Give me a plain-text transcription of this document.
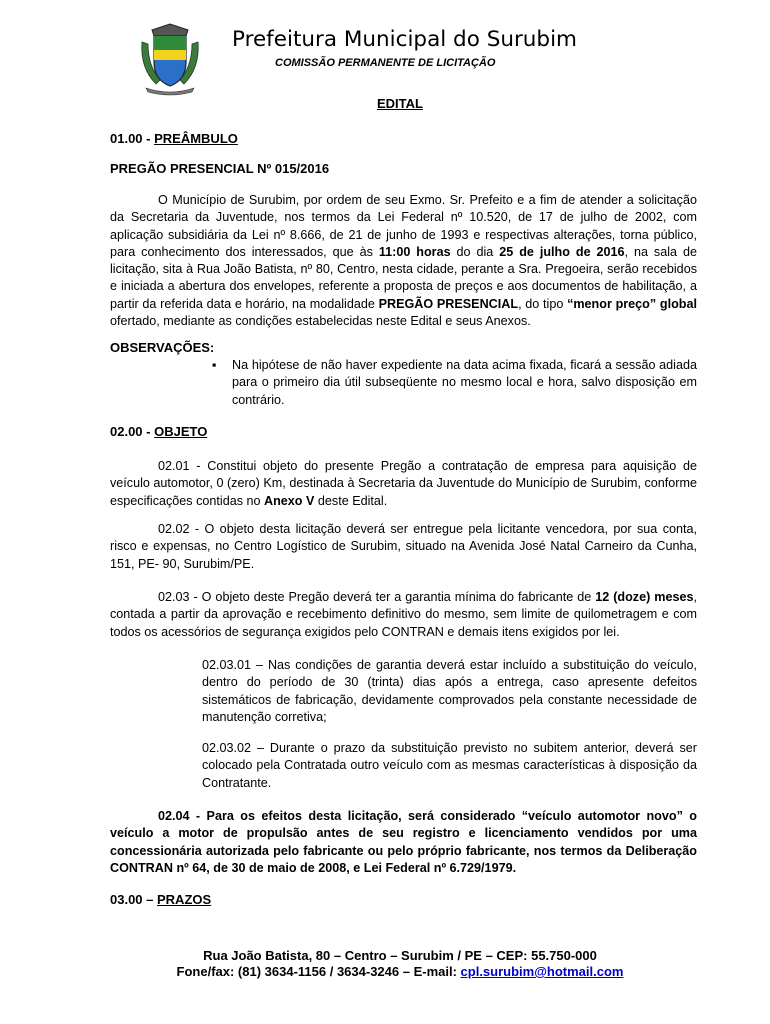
Prefeitura Municipal do Surubim
COMISSÃO PERMANENTE DE LICITAÇÃO
EDITAL
01.00 - PREÂMBULO
PREGÃO PRESENCIAL Nº 015/2016
O Município de Surubim, por ordem de seu Exmo. Sr. Prefeito e a fim de atender a solicitação da Secretaria da Juventude, nos termos da Lei Federal nº 10.520, de 17 de julho de 2002, com aplicação subsidiária da Lei nº 8.666, de 21 de junho de 1993 e respectivas alterações, torna público, para conhecimento dos interessados, que às 11:00 horas do dia 25 de julho de 2016, na sala de licitação, sita à Rua João Batista, nº 80, Centro, nesta cidade, perante a Sra. Pregoeira, serão recebidos e iniciada a abertura dos envelopes, referente a proposta de preços e aos documentos de habilitação, a partir da referida data e horário, na modalidade PREGÃO PRESENCIAL, do tipo “menor preço” global ofertado, mediante as condições estabelecidas neste Edital e seus Anexos.
OBSERVAÇÕES:
▪	Na hipótese de não haver expediente na data acima fixada, ficará a sessão adiada para o primeiro dia útil subseqüente no mesmo local e hora, salvo disposição em contrário.
02.00 - OBJETO
02.01 - Constitui objeto do presente Pregão a contratação de empresa para aquisição de veículo automotor, 0 (zero) Km, destinada à Secretaria da Juventude do Município de Surubim, conforme especificações contidas no Anexo V deste Edital.
02.02 - O objeto desta licitação deverá ser entregue pela licitante vencedora, por sua conta, risco e expensas, no Centro Logístico de Surubim, situado na Avenida José Natal Carneiro da Cunha, 151, PE- 90, Surubim/PE.
02.03 - O objeto deste Pregão deverá ter a garantia mínima do fabricante de 12 (doze) meses, contada a partir da aprovação e recebimento definitivo do mesmo, sem limite de quilometragem e com todos os acessórios de segurança exigidos pelo CONTRAN e demais itens exigidos por lei.
02.03.01 – Nas condições de garantia deverá estar incluído a substituição do veículo, dentro do período de 30 (trinta) dias após a entrega, caso apresente defeitos sistemáticos de fabricação, devidamente comprovados pela constante necessidade de manutenção corretiva;
02.03.02 – Durante o prazo da substituição previsto no subitem anterior, deverá ser colocado pela Contratada outro veículo com as mesmas características à disposição da Contratante.
02.04 - Para os efeitos desta licitação, será considerado “veículo automotor novo” o veículo a motor de propulsão antes de seu registro e licenciamento vendidos por uma concessionária autorizada pelo fabricante ou pelo próprio fabricante, nos termos da Deliberação CONTRAN nº 64, de 30 de maio de 2008, e Lei Federal nº 6.729/1979.
03.00 – PRAZOS
Rua João Batista, 80 – Centro – Surubim / PE – CEP: 55.750-000
Fone/fax: (81) 3634-1156 / 3634-3246 – E-mail: cpl.surubim@hotmail.com
